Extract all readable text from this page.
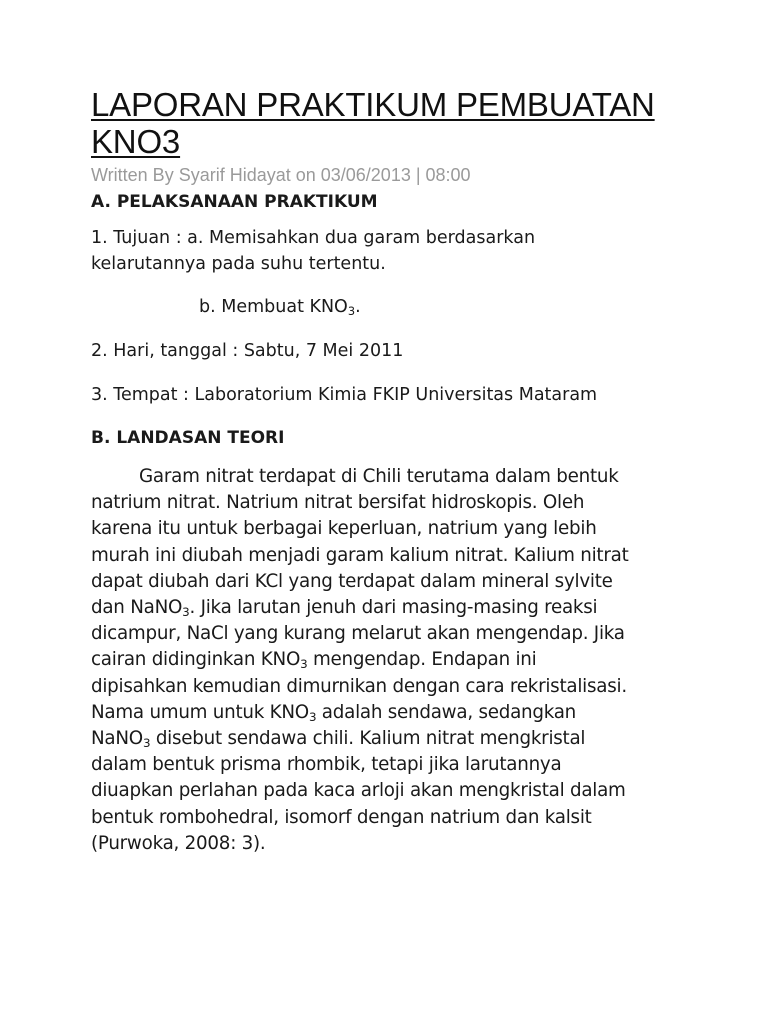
LAPORAN PRAKTIKUM PEMBUATAN
KNO3
Written By Syarif Hidayat on 03/06/2013 | 08:00
A. PELAKSANAAN PRAKTIKUM
1. Tujuan : a. Memisahkan dua garam berdasarkan
kelarutannya pada suhu tertentu.
b. Membuat $KNO_3$.
2. Hari, tanggal : Sabtu, 7 Mei 2011
3. Tempat : Laboratorium Kimia FKIP Universitas Mataram
B. LANDASAN TEORI
Garam nitrat terdapat di Chili terutama dalam bentuk
natrium nitrat. Natrium nitrat bersifat hidroskopis. Oleh
karena itu untuk berbagai keperluan, natrium yang lebih
murah ini diubah menjadi garam kalium nitrat. Kalium nitrat
dapat diubah dari KCl yang terdapat dalam mineral sylvite
dan NaNO$_3$. Jika larutan jenuh dari masing-masing reaksi
dicampur, NaCl yang kurang melarut akan mengendap. Jika
cairan didinginkan $KNO_3$ mengendap. Endapan ini
dipisahkan kemudian dimurnikan dengan cara rekristalisasi.
Nama umum untuk $KNO_3$ adalah sendawa, sedangkan
NaNO$_3$ disebut sendawa chili. Kalium nitrat mengkristal
dalam bentuk prisma rhombik, tetapi jika larutannya
diuapkan perlahan pada kaca arloji akan mengkristal dalam
bentuk rombohedral, isomorf dengan natrium dan kalsit
(Purwoka, 2008: 3).
